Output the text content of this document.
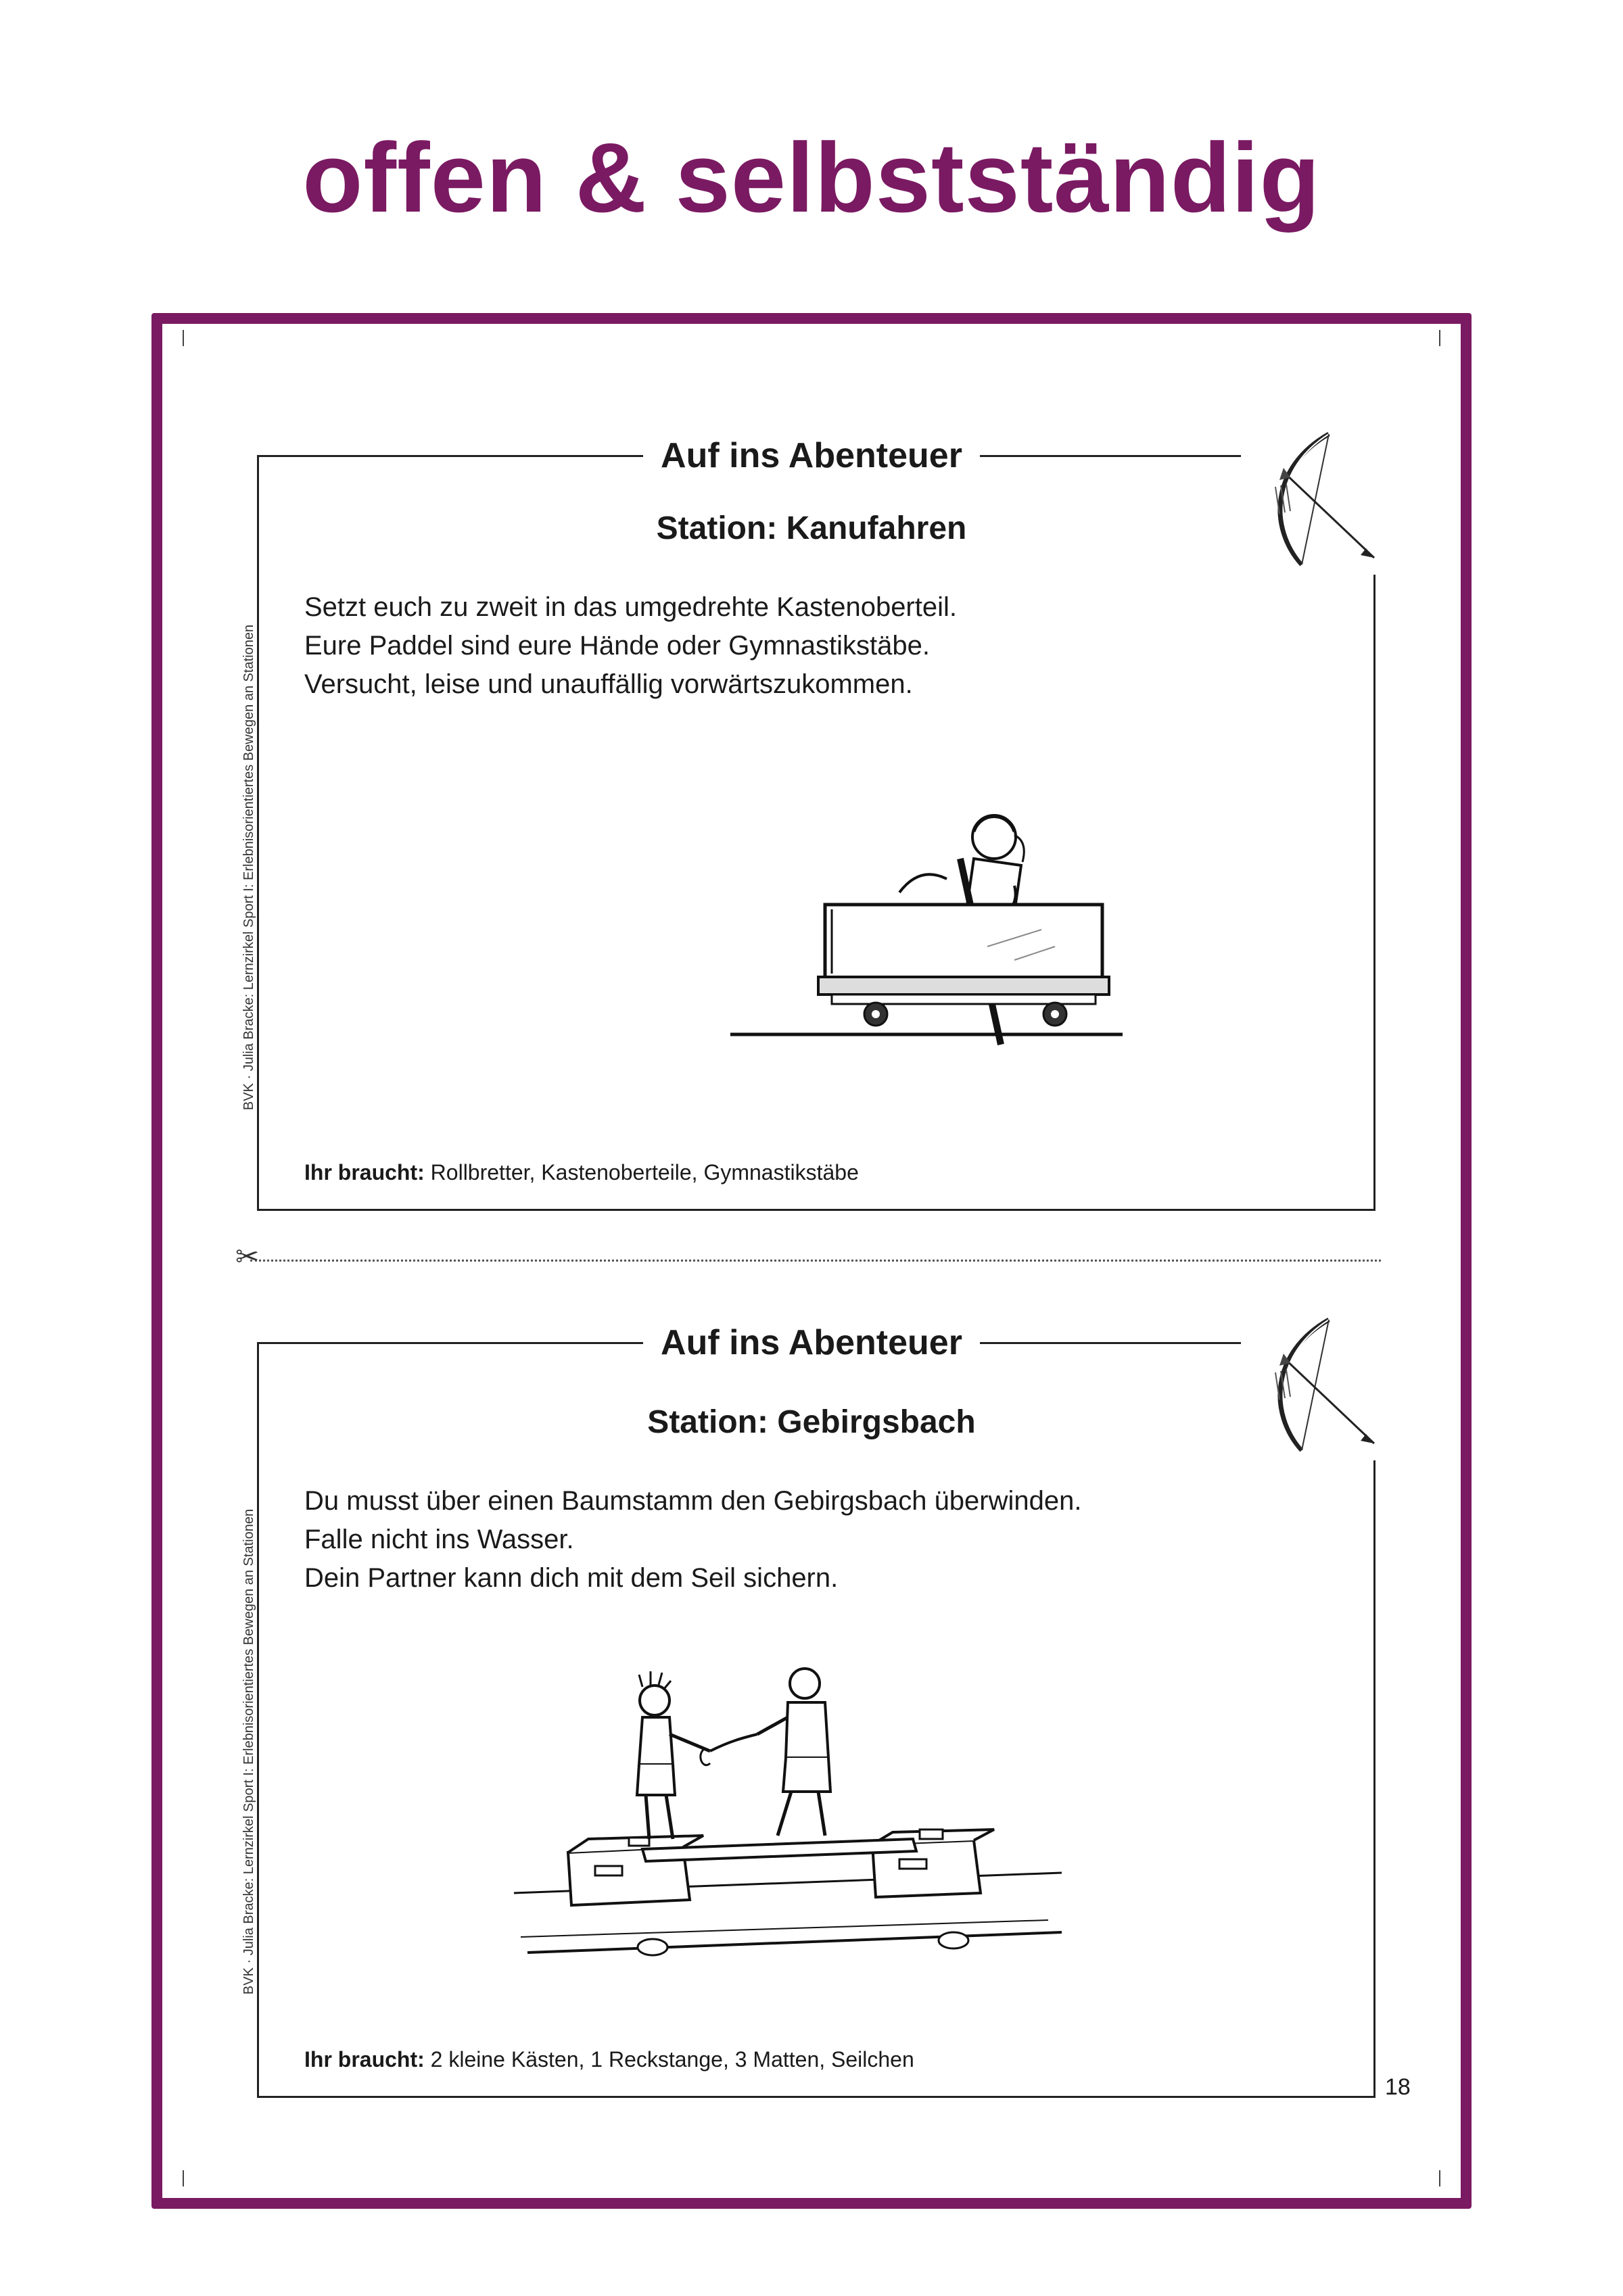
offen & selbstständig
Auf ins Abenteuer
Station: Kanufahren
Setzt euch zu zweit in das umgedrehte Kastenoberteil.
Eure Paddel sind eure Hände oder Gymnastikstäbe.
Versucht, leise und unauffällig vorwärtszukommen.
Ihr braucht: Rollbretter, Kastenoberteile, Gymnastikstäbe
BVK · Julia Bracke: Lernzirkel Sport I: Erlebnisorientiertes Bewegen an Stationen
✂
Auf ins Abenteuer
Station: Gebirgsbach
Du musst über einen Baumstamm den Gebirgsbach überwinden.
Falle nicht ins Wasser.
Dein Partner kann dich mit dem Seil sichern.
Ihr braucht: 2 kleine Kästen, 1 Reckstange, 3 Matten, Seilchen
BVK · Julia Bracke: Lernzirkel Sport I: Erlebnisorientiertes Bewegen an Stationen
18
